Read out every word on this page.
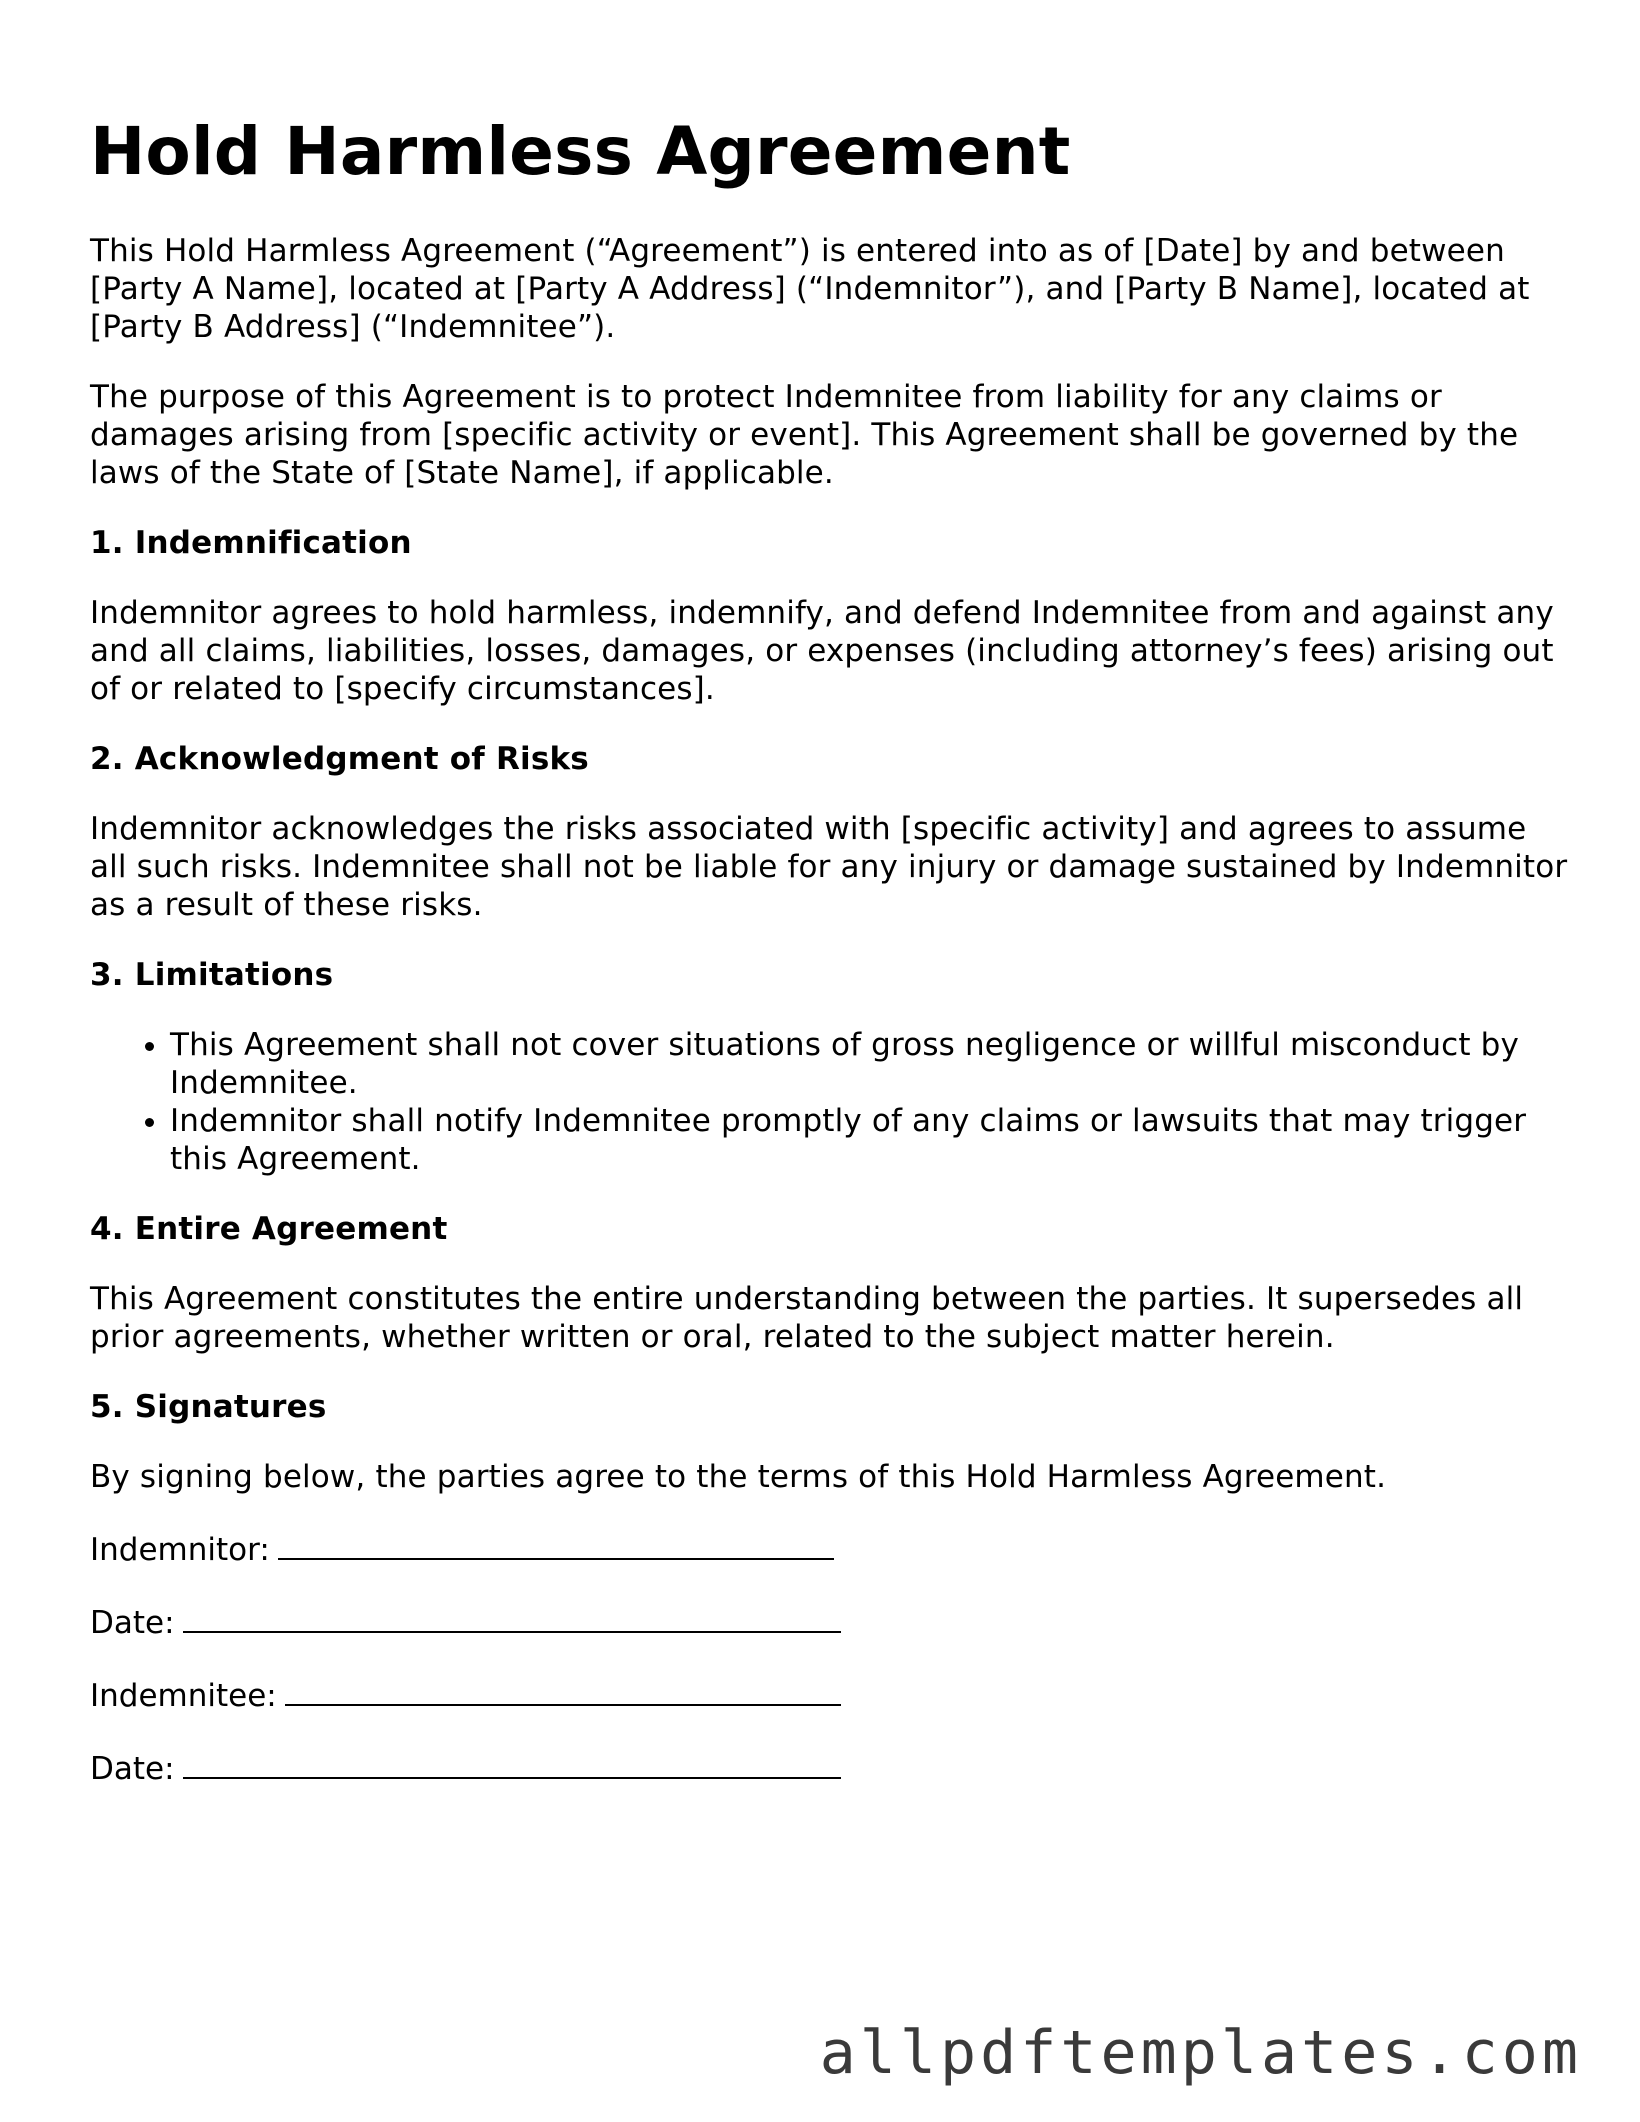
Hold Harmless Agreement

This Hold Harmless Agreement (“Agreement”) is entered into as of [Date] by and between [Party A Name], located at [Party A Address] (“Indemnitor”), and [Party B Name], located at [Party B Address] (“Indemnitee”).

The purpose of this Agreement is to protect Indemnitee from liability for any claims or damages arising from [specific activity or event]. This Agreement shall be governed by the laws of the State of [State Name], if applicable.

1. Indemnification

Indemnitor agrees to hold harmless, indemnify, and defend Indemnitee from and against any and all claims, liabilities, losses, damages, or expenses (including attorney’s fees) arising out of or related to [specify circumstances].

2. Acknowledgment of Risks

Indemnitor acknowledges the risks associated with [specific activity] and agrees to assume all such risks. Indemnitee shall not be liable for any injury or damage sustained by Indemnitor as a result of these risks.

3. Limitations
• This Agreement shall not cover situations of gross negligence or willful misconduct by Indemnitee.
• Indemnitor shall notify Indemnitee promptly of any claims or lawsuits that may trigger this Agreement.
4. Entire Agreement

This Agreement constitutes the entire understanding between the parties. It supersedes all prior agreements, whether written or oral, related to the subject matter herein.

5. Signatures

By signing below, the parties agree to the terms of this Hold Harmless Agreement.

Indemnitor:
Date:
Indemnitee:
Date:
allpdftemplates.com
